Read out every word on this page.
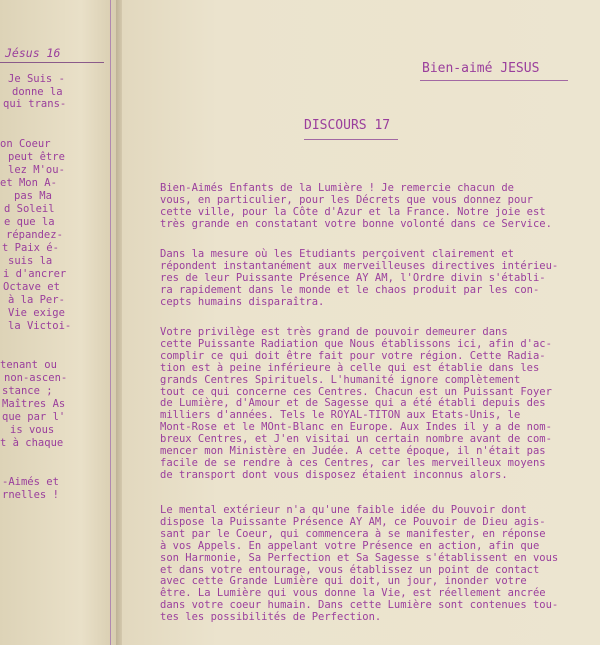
Jésus 16
Je Suis -
donne la
qui trans-
on Coeur
peut être
lez M'ou-
et Mon A-
pas Ma
d Soleil
e que la
répandez-
t Paix é-
suis la
i d'ancrer
Octave et
à la Per-
Vie exige
la Victoi-
tenant ou
non-ascen-
stance ;
Maîtres As
que par l'
is vous
t à chaque
-Aimés et
rnelles !
Bien-aimé JESUS
DISCOURS 17
Bien-Aimés Enfants de la Lumière ! Je remercie chacun de
vous, en particulier, pour les Décrets que vous donnez pour
cette ville, pour la Côte d'Azur et la France. Notre joie est
très grande en constatant votre bonne volonté dans ce Service.
Dans la mesure où les Etudiants perçoivent clairement et
répondent instantanément aux merveilleuses directives intérieu-
res de leur Puissante Présence AY AM, l'Ordre divin s'établi-
ra rapidement dans le monde et le chaos produit par les con-
cepts humains disparaîtra.
Votre privilège est très grand de pouvoir demeurer dans
cette Puissante Radiation que Nous établissons ici, afin d'ac-
complir ce qui doit être fait pour votre région. Cette Radia-
tion est à peine inférieure à celle qui est établie dans les
grands Centres Spirituels. L'humanité ignore complètement
tout ce qui concerne ces Centres. Chacun est un Puissant Foyer
de Lumière, d'Amour et de Sagesse qui a été établi depuis des
milliers d'années. Tels le ROYAL-TITON aux Etats-Unis, le
Mont-Rose et le MOnt-Blanc en Europe. Aux Indes il y a de nom-
breux Centres, et J'en visitai un certain nombre avant de com-
mencer mon Ministère en Judée. A cette époque, il n'était pas
facile de se rendre à ces Centres, car les merveilleux moyens
de transport dont vous disposez étaient inconnus alors.
Le mental extérieur n'a qu'une faible idée du Pouvoir dont
dispose la Puissante Présence AY AM, ce Pouvoir de Dieu agis-
sant par le Coeur, qui commencera à se manifester, en réponse
à vos Appels. En appelant votre Présence en action, afin que
son Harmonie, Sa Perfection et Sa Sagesse s'établissent en vous
et dans votre entourage, vous établissez un point de contact
avec cette Grande Lumière qui doit, un jour, inonder votre
être. La Lumière qui vous donne la Vie, est réellement ancrée
dans votre coeur humain. Dans cette Lumière sont contenues tou-
tes les possibilités de Perfection.
